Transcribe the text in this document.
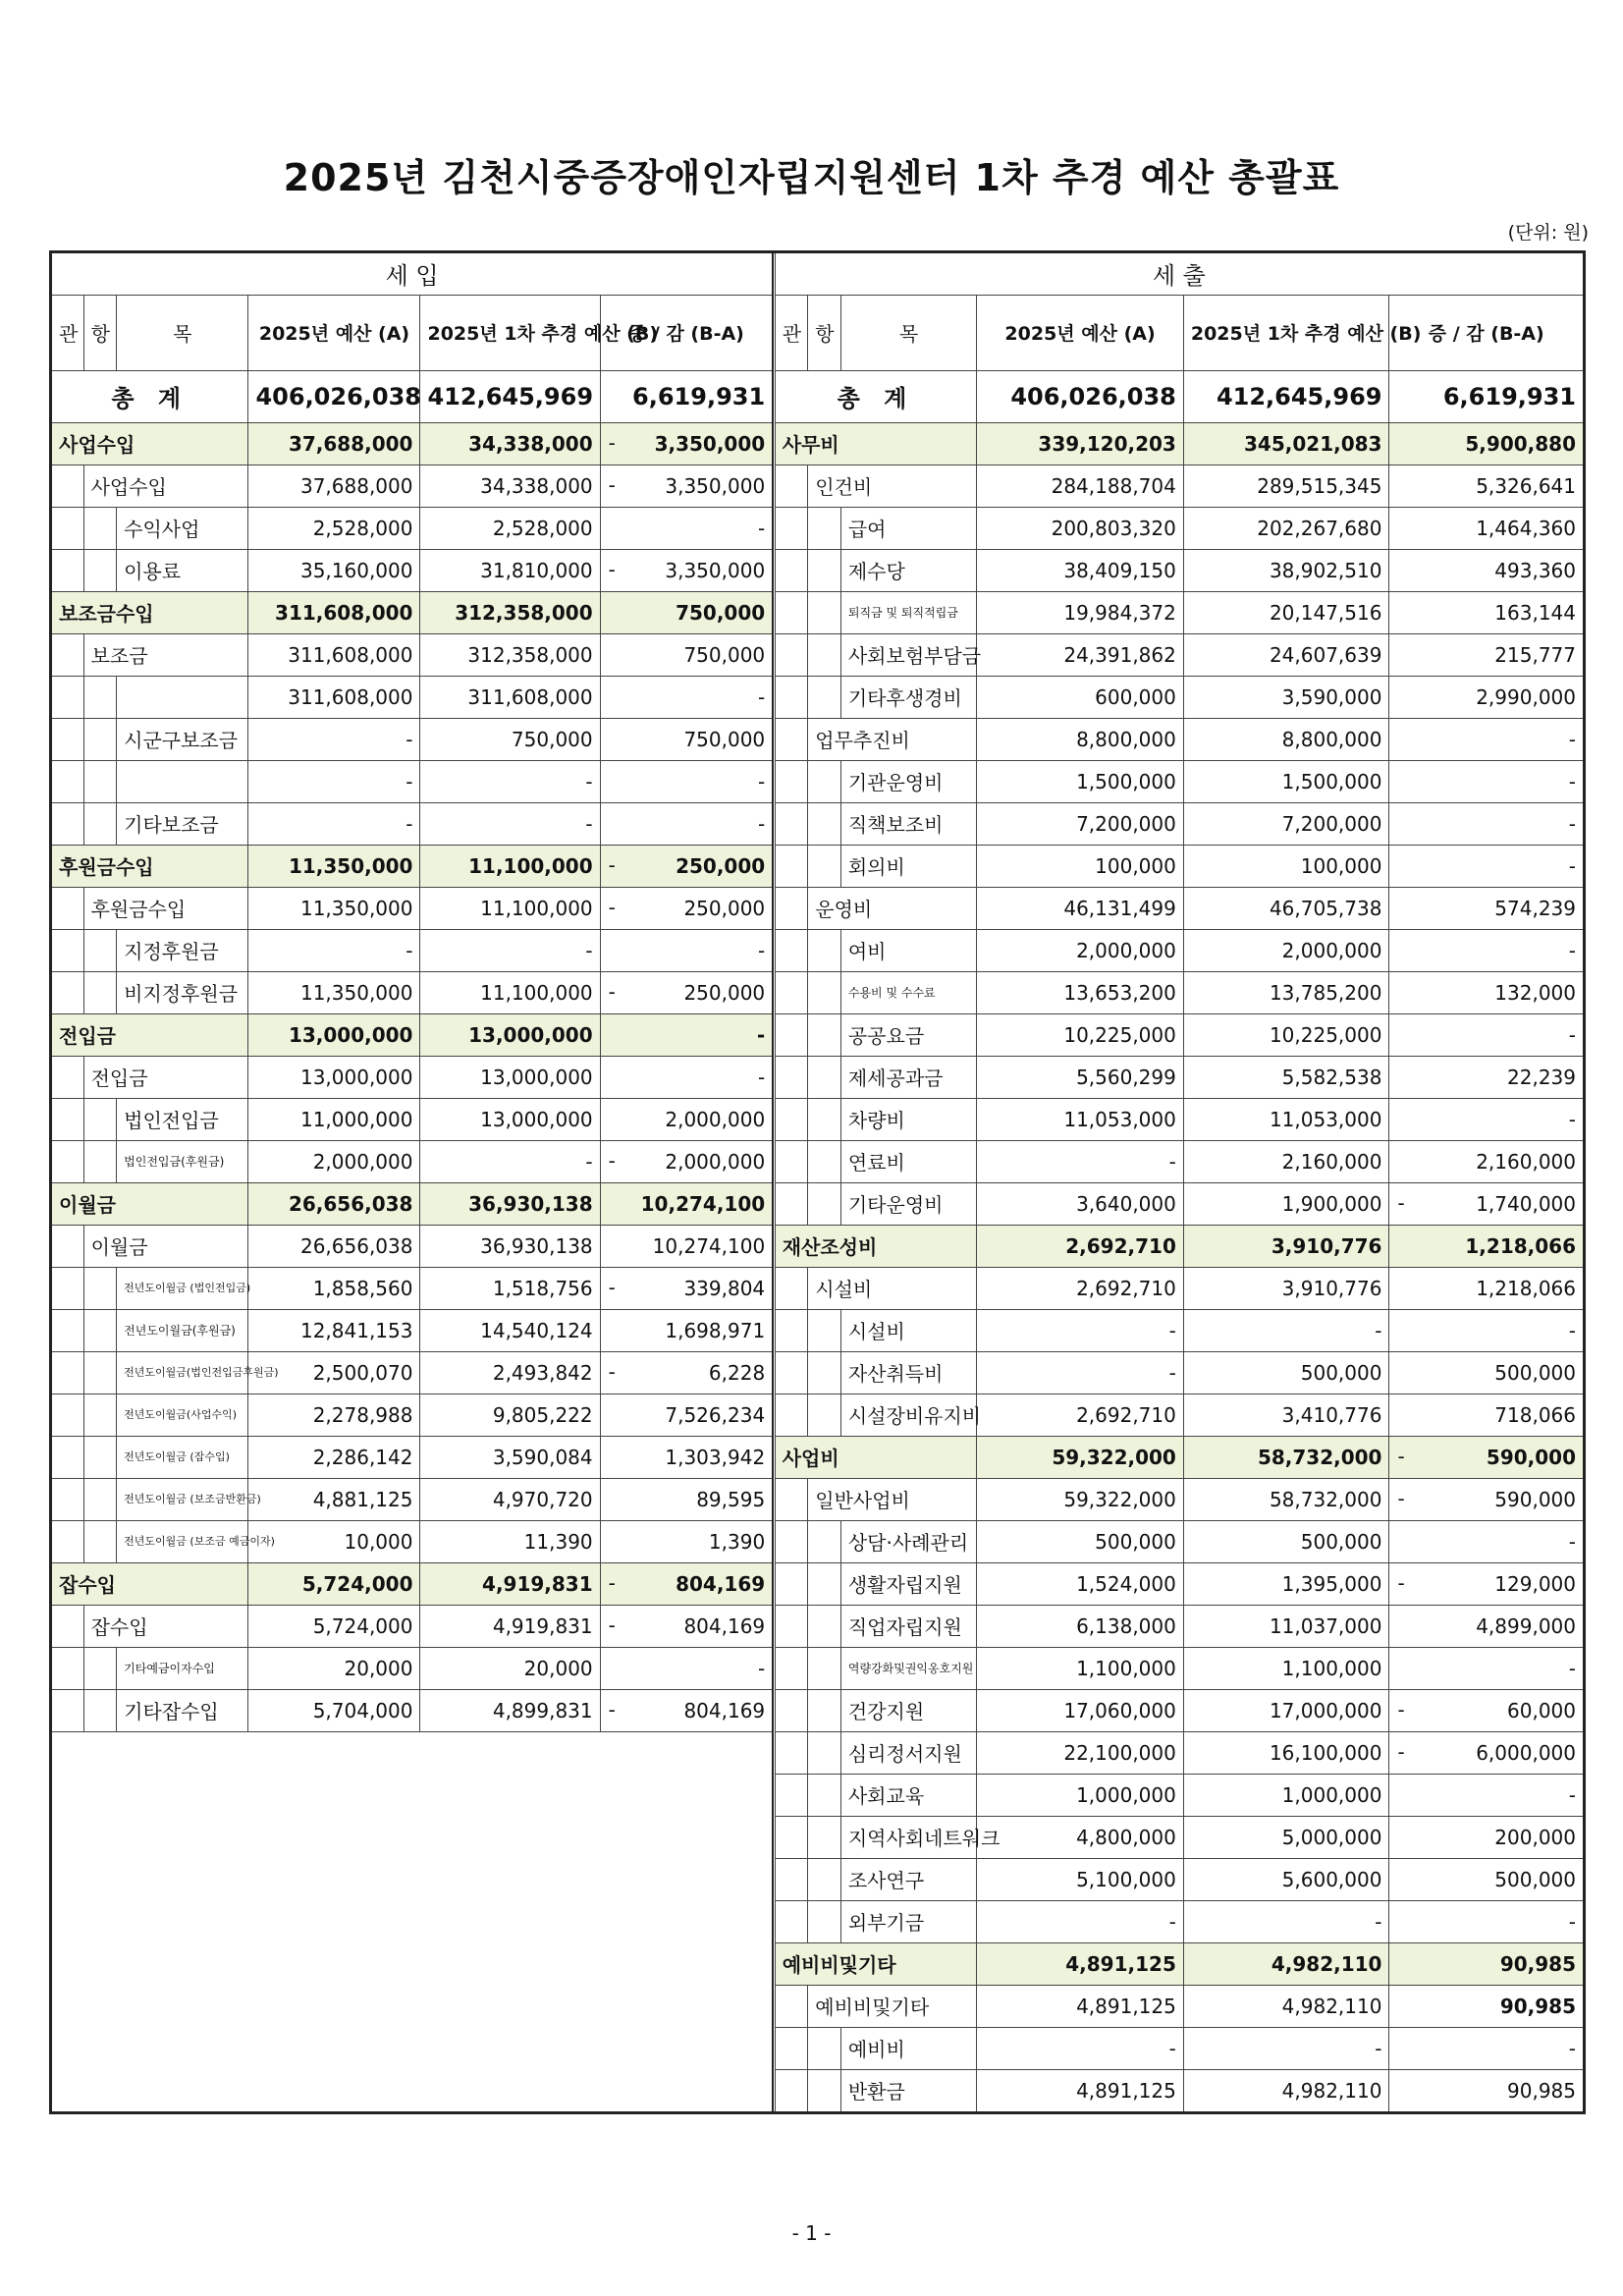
2025년 김천시중증장애인자립지원센터 1차 추경 예산 총괄표
(단위: 원)
세 입							세 출					
관	항	목	2025년 예산 (A)	2025년 1차 추경 예산 (B)	증 / 감 (B-A)		관	항	목	2025년 예산 (A)	2025년 1차 추경 예산 (B)	증 / 감 (B-A)
총 계			406,026,038	412,645,969	6,619,931		총 계			406,026,038	412,645,969	6,619,931
사업수입			37,688,000	34,338,000	- 3,350,000		사무비			339,120,203	345,021,083	5,900,880
	사업수입		37,688,000	34,338,000	- 3,350,000			인건비		284,188,704	289,515,345	5,326,641
		수익사업	2,528,000	2,528,000	-				급여	200,803,320	202,267,680	1,464,360
		이용료	35,160,000	31,810,000	- 3,350,000				제수당	38,409,150	38,902,510	493,360
보조금수입			311,608,000	312,358,000	750,000				퇴직금 및 퇴직적립금	19,984,372	20,147,516	163,144
	보조금		311,608,000	312,358,000	750,000				사회보험부담금	24,391,862	24,607,639	215,777
			311,608,000	311,608,000	-				기타후생경비	600,000	3,590,000	2,990,000
		시군구보조금	-	750,000	750,000			업무추진비		8,800,000	8,800,000	-
			-	-	-				기관운영비	1,500,000	1,500,000	-
		기타보조금	-	-	-				직책보조비	7,200,000	7,200,000	-
후원금수입			11,350,000	11,100,000	- 250,000				회의비	100,000	100,000	-
	후원금수입		11,350,000	11,100,000	- 250,000			운영비		46,131,499	46,705,738	574,239
		지정후원금	-	-	-				여비	2,000,000	2,000,000	-
		비지정후원금	11,350,000	11,100,000	- 250,000				수용비 및 수수료	13,653,200	13,785,200	132,000
전입금			13,000,000	13,000,000	-				공공요금	10,225,000	10,225,000	-
	전입금		13,000,000	13,000,000	-				제세공과금	5,560,299	5,582,538	22,239
		법인전입금	11,000,000	13,000,000	2,000,000				차량비	11,053,000	11,053,000	-
		법인전입금(후원금)	2,000,000	-	- 2,000,000				연료비	-	2,160,000	2,160,000
이월금			26,656,038	36,930,138	10,274,100				기타운영비	3,640,000	1,900,000	- 1,740,000
	이월금		26,656,038	36,930,138	10,274,100		재산조성비			2,692,710	3,910,776	1,218,066
		전년도이월금 (법인전입금)	1,858,560	1,518,756	- 339,804			시설비		2,692,710	3,910,776	1,218,066
		전년도이월금(후원금)	12,841,153	14,540,124	1,698,971				시설비	-	-	-
		전년도이월금(법인전입금후원금)	2,500,070	2,493,842	- 6,228				자산취득비	-	500,000	500,000
		전년도이월금(사업수익)	2,278,988	9,805,222	7,526,234				시설장비유지비	2,692,710	3,410,776	718,066
		전년도이월금 (잡수입)	2,286,142	3,590,084	1,303,942		사업비			59,322,000	58,732,000	- 590,000
		전년도이월금 (보조금반환금)	4,881,125	4,970,720	89,595			일반사업비		59,322,000	58,732,000	- 590,000
		전년도이월금 (보조금 예금이자)	10,000	11,390	1,390				상담·사례관리	500,000	500,000	-
잡수입			5,724,000	4,919,831	- 804,169				생활자립지원	1,524,000	1,395,000	- 129,000
	잡수입		5,724,000	4,919,831	- 804,169				직업자립지원	6,138,000	11,037,000	4,899,000
		기타예금이자수입	20,000	20,000	-				역량강화및권익옹호지원	1,100,000	1,100,000	-
		기타잡수입	5,704,000	4,899,831	- 804,169				건강지원	17,060,000	17,000,000	- 60,000
									심리정서지원	22,100,000	16,100,000	- 6,000,000
									사회교육	1,000,000	1,000,000	-
									지역사회네트워크	4,800,000	5,000,000	200,000
									조사연구	5,100,000	5,600,000	500,000
									외부기금	-	-	-
							예비비및기타			4,891,125	4,982,110	90,985
								예비비및기타		4,891,125	4,982,110	90,985
									예비비	-	-	-
									반환금	4,891,125	4,982,110	90,985
- 1 -
